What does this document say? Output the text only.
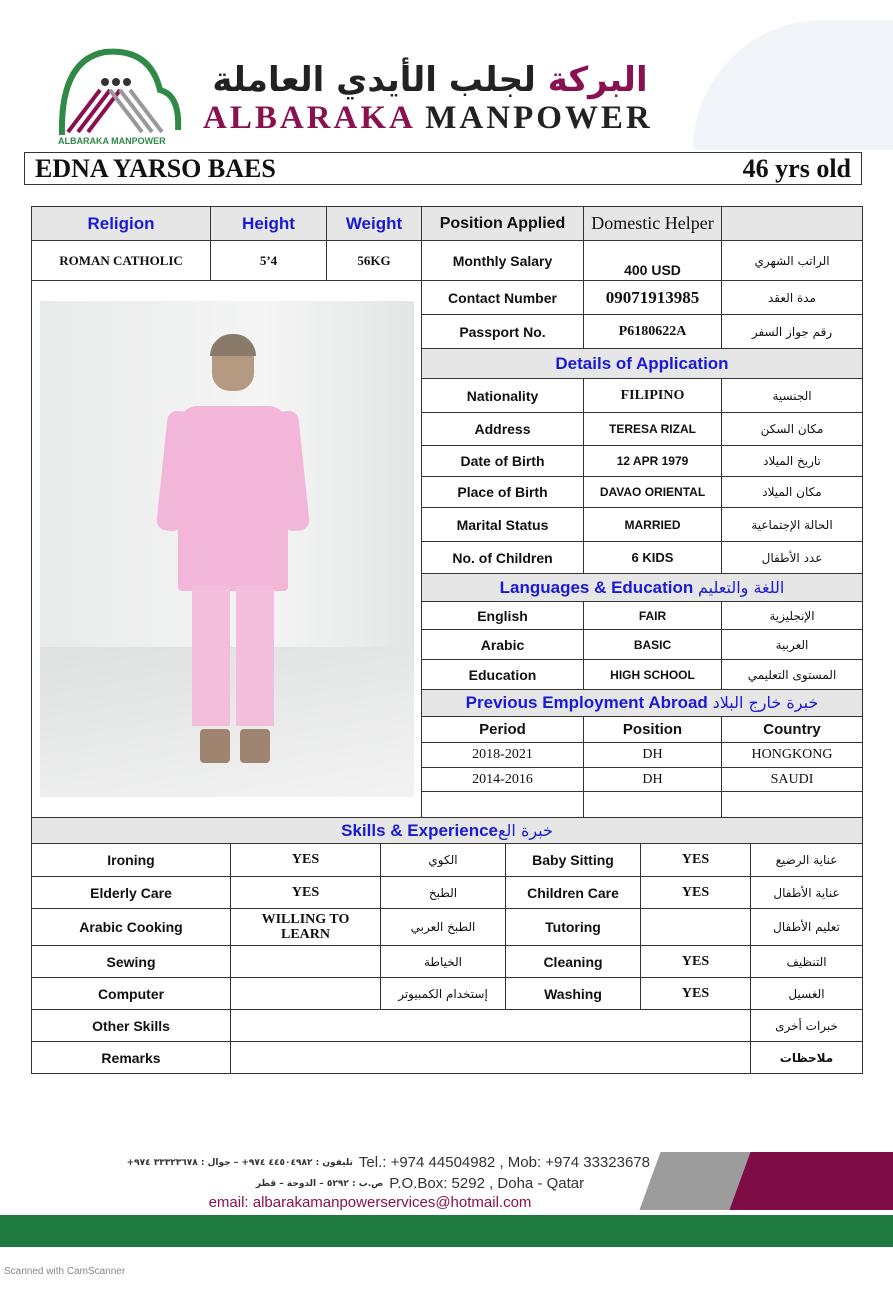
ALBARAKA MANPOWER
البركة لجلب الأيدي العاملة
ALBARAKA MANPOWER
EDNA YARSO BAES	46 yrs old
Religion	Height	Weight	Position Applied	Domestic Helper	
ROMAN CATHOLIC	5’4	56KG	Monthly Salary	400 USD	الراتب الشهري

			Contact Number	09071913985	مدة العقد
			Passport No.	P6180622A	رقم جواز السفر
			Details of Application		
			Nationality	FILIPINO	الجنسية
			Address	TERESA RIZAL	مكان السكن
			Date of Birth	12 APR 1979	تاريخ الميلاد
			Place of Birth	DAVAO ORIENTAL	مكان الميلاد
			Marital Status	MARRIED	الحالة الإجتماعية
			No. of Children	6 KIDS	عدد الأطفال
			Languages & Education اللغة والتعليم		
			English	FAIR	الإنجليزية
			Arabic	BASIC	العربية
			Education	HIGH SCHOOL	المستوى التعليمي
			Previous Employment Abroad خبرة خارج البلاد		
			Period	Position	Country
			2018-2021	DH	HONGKONG
			2014-2016	DH	SAUDI

Skills & Experienceخبرة الع					
Ironing	YES	الكوي	Baby Sitting	YES	عناية الرضيع
Elderly Care	YES	الطبخ	Children Care	YES	عناية الأطفال
Arabic Cooking	WILLING TO LEARN	الطبخ العربي	Tutoring		تعليم الأطفال
Sewing		الخياطة	Cleaning	YES	التنظيف
Computer		إستخدام الكمبيوتر	Washing	YES	الغسيل
Other Skills					خبرات أخرى
Remarks					ملاحظات
تليفون : ٤٤٥٠٤٩٨٢ ٩٧٤+ – جوال : ٣٣٣٢٣٦٧٨ ٩٧٤+ Tel.: +974 44504982 , Mob: +974 33323678
ص.ب : ٥٢٩٢ – الدوحة – قطر P.O.Box: 5292 , Doha - Qatar
email: albarakamanpowerservices@hotmail.com
Scanned with CamScanner
